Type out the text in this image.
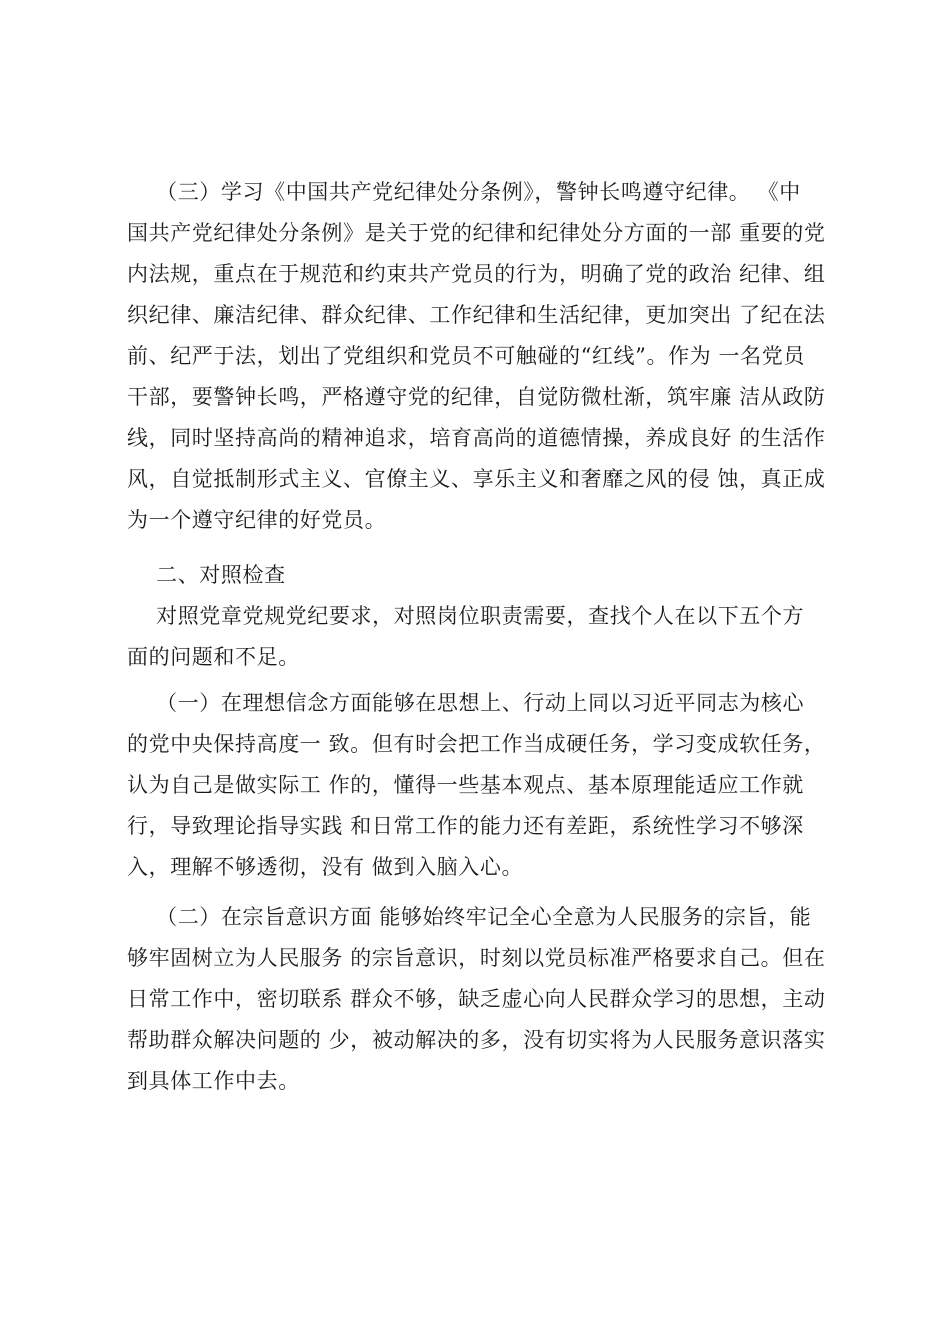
（三）学习《中国共产党纪律处分条例》，警钟长鸣遵守纪律。 《中
国共产党纪律处分条例》是关于党的纪律和纪律处分方面的一部 重要的党
内法规，重点在于规范和约束共产党员的行为，明确了党的政治 纪律、组
织纪律、廉洁纪律、群众纪律、工作纪律和生活纪律，更加突出 了纪在法
前、纪严于法，划出了党组织和党员不可触碰的“红线”。作为 一名党员
干部，要警钟长鸣，严格遵守党的纪律，自觉防微杜渐，筑牢廉 洁从政防
线，同时坚持高尚的精神追求，培育高尚的道德情操，养成良好 的生活作
风，自觉抵制形式主义、官僚主义、享乐主义和奢靡之风的侵 蚀，真正成
为一个遵守纪律的好党员。
二、对照检查
对照党章党规党纪要求，对照岗位职责需要，查找个人在以下五个方
面的问题和不足。
（一）在理想信念方面能够在思想上、行动上同以习近平同志为核心
的党中央保持高度一 致。但有时会把工作当成硬任务，学习变成软任务，
认为自己是做实际工 作的，懂得一些基本观点、基本原理能适应工作就
行，导致理论指导实践 和日常工作的能力还有差距，系统性学习不够深
入，理解不够透彻，没有 做到入脑入心。
（二）在宗旨意识方面 能够始终牢记全心全意为人民服务的宗旨，能
够牢固树立为人民服务 的宗旨意识，时刻以党员标准严格要求自己。但在
日常工作中，密切联系 群众不够，缺乏虚心向人民群众学习的思想，主动
帮助群众解决问题的 少，被动解决的多，没有切实将为人民服务意识落实
到具体工作中去。
